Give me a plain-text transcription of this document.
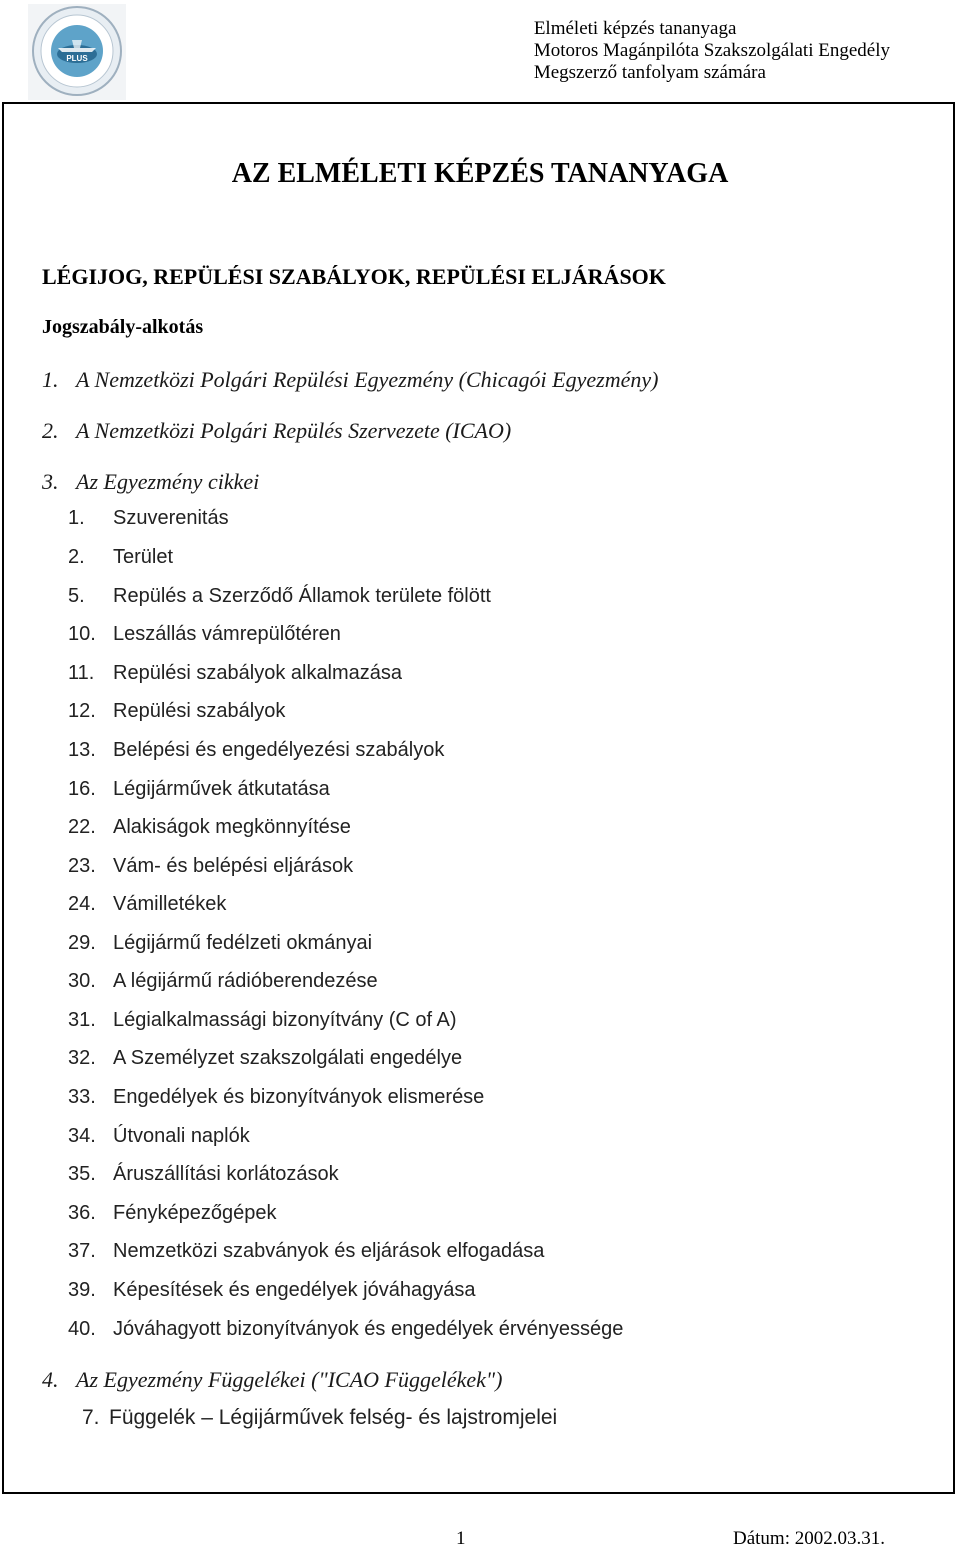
PLUS
Elméleti képzés tananyaga
Motoros Magánpilóta Szakszolgálati Engedély
Megszerző tanfolyam számára
AZ ELMÉLETI KÉPZÉS TANANYAGA
LÉGIJOG, REPÜLÉSI SZABÁLYOK, REPÜLÉSI ELJÁRÁSOK
Jogszabály-alkotás
1. A Nemzetközi Polgári Repülési Egyezmény (Chicagói Egyezmény)
2. A Nemzetközi Polgári Repülés Szervezete (ICAO)
3. Az Egyezmény cikkei
1. Szuverenitás
2. Terület
5. Repülés a Szerződő Államok területe fölött
10. Leszállás vámrepülőtéren
11. Repülési szabályok alkalmazása
12. Repülési szabályok
13. Belépési és engedélyezési szabályok
16. Légijárművek átkutatása
22. Alakiságok megkönnyítése
23. Vám- és belépési eljárások
24. Vámilletékek
29. Légijármű fedélzeti okmányai
30. A légijármű rádióberendezése
31. Légialkalmassági bizonyítvány (C of A)
32. A Személyzet szakszolgálati engedélye
33. Engedélyek és bizonyítványok elismerése
34. Útvonali naplók
35. Áruszállítási korlátozások
36. Fényképezőgépek
37. Nemzetközi szabványok és eljárások elfogadása
39. Képesítések és engedélyek jóváhagyása
40. Jóváhagyott bizonyítványok és engedélyek érvényessége
4. Az Egyezmény Függelékei ("ICAO Függelékek")
7. Függelék – Légijárművek felség- és lajstromjelei
1	Dátum: 2002.03.31.
